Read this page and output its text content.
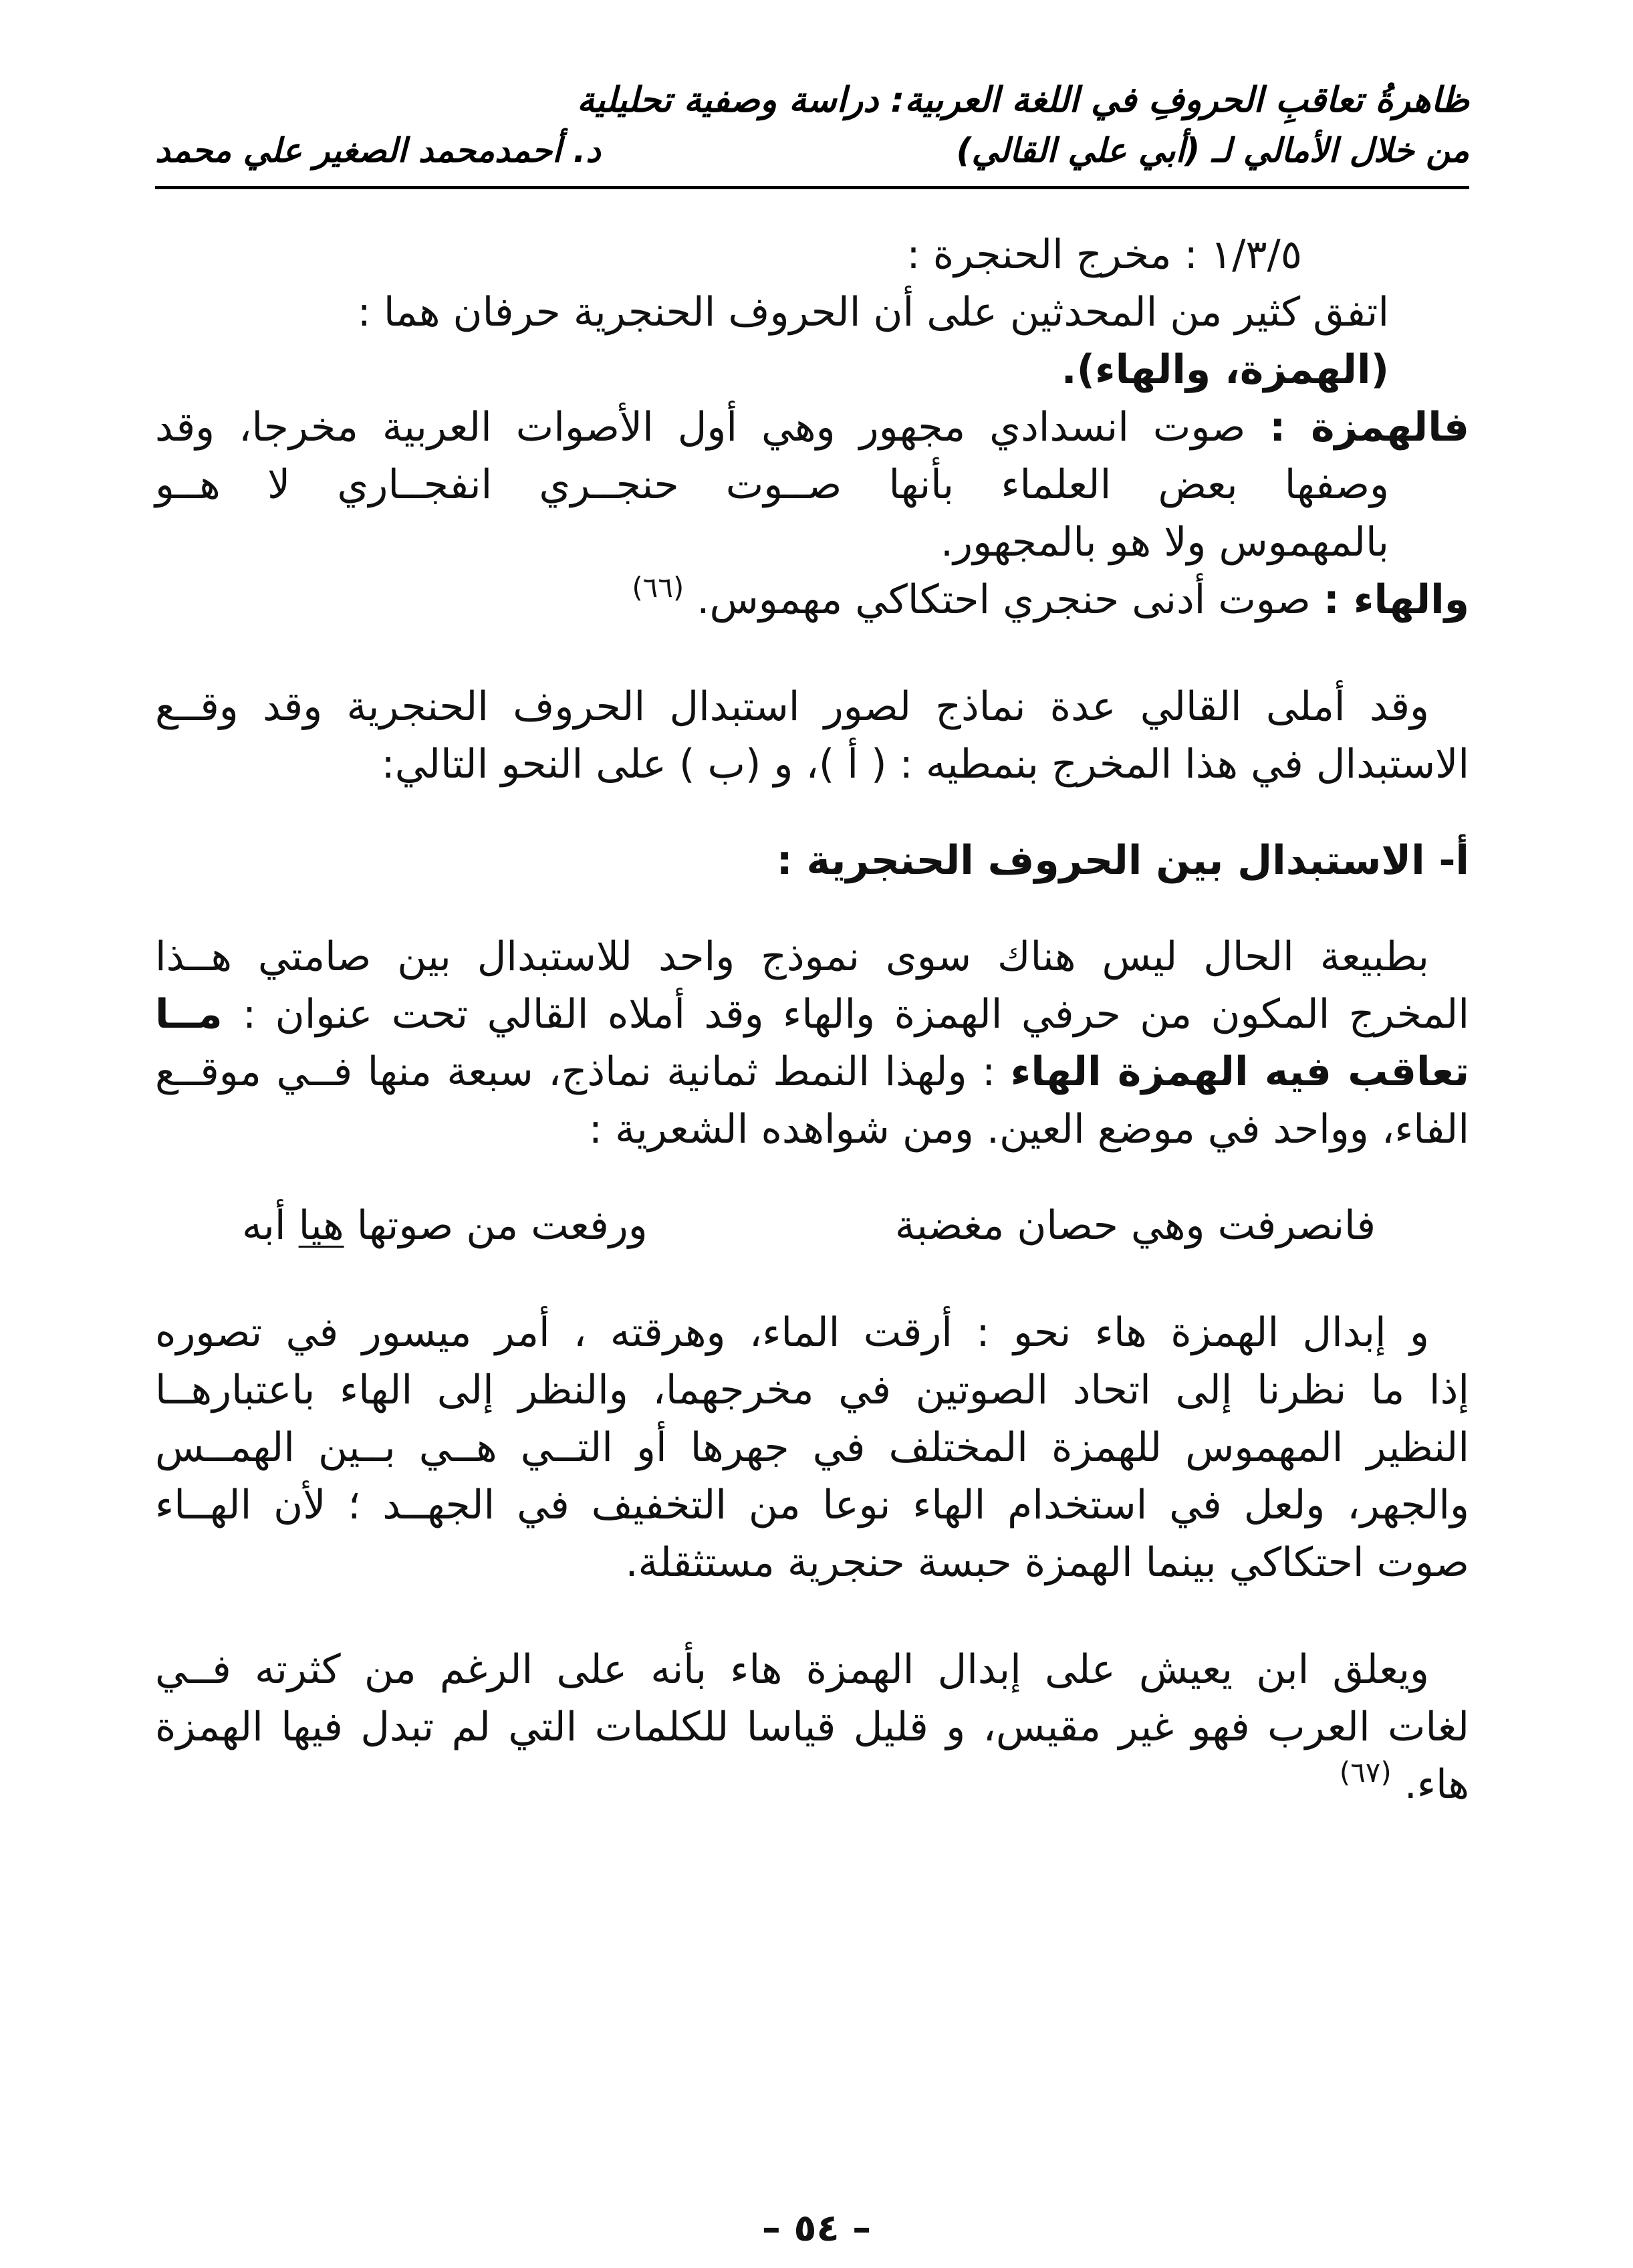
ظاهرةُ تعاقبِ الحروفِ في اللغة العربية: دراسة وصفية تحليلية
من خلال الأمالي لـ (أبي علي القالي)
د. أحمدمحمد الصغير علي محمد
١/٣/٥ : مخرج الحنجرة :
اتفق كثير من المحدثين على أن الحروف الحنجرية حرفان هما :
(الهمزة، والهاء).
فالهمزة : صوت انسدادي مجهور وهي أول الأصوات العربية مخرجا، وقد
وصفها بعض العلماء بأنها صــوت حنجــري انفجــاري لا هــو
بالمهموس ولا هو بالمجهور.
والهاء : صوت أدنى حنجري احتكاكي مهموس. $^{(٦٦)}$
وقد أملى القالي عدة نماذج لصور استبدال الحروف الحنجرية وقد وقــع
الاستبدال في هذا المخرج بنمطيه : ( أ )، و (ب ) على النحو التالي:
أ- الاستبدال بين الحروف الحنجرية :
بطبيعة الحال ليس هناك سوى نموذج واحد للاستبدال بين صامتي هــذا
المخرج المكون من حرفي الهمزة والهاء وقد أملاه القالي تحت عنوان : مــا
تعاقب فيه الهمزة الهاء : ولهذا النمط ثمانية نماذج، سبعة منها فــي موقــع
الفاء، وواحد في موضع العين. ومن شواهده الشعرية :
فانصرفت وهي حصان مغضبة
ورفعت من صوتها هيا أبه
و إبدال الهمزة هاء نحو : أرقت الماء، وهرقته ، أمر ميسور في تصوره
إذا ما نظرنا إلى اتحاد الصوتين في مخرجهما، والنظر إلى الهاء باعتبارهــا
النظير المهموس للهمزة المختلف في جهرها أو التــي هــي بــين الهمــس
والجهر، ولعل في استخدام الهاء نوعا من التخفيف في الجهــد ؛ لأن الهــاء
صوت احتكاكي بينما الهمزة حبسة حنجرية مستثقلة.
ويعلق ابن يعيش على إبدال الهمزة هاء بأنه على الرغم من كثرته فــي
لغات العرب فهو غير مقيس، و قليل قياسا للكلمات التي لم تبدل فيها الهمزة
هاء. $^{(٦٧)}$
– ٥٤ –
